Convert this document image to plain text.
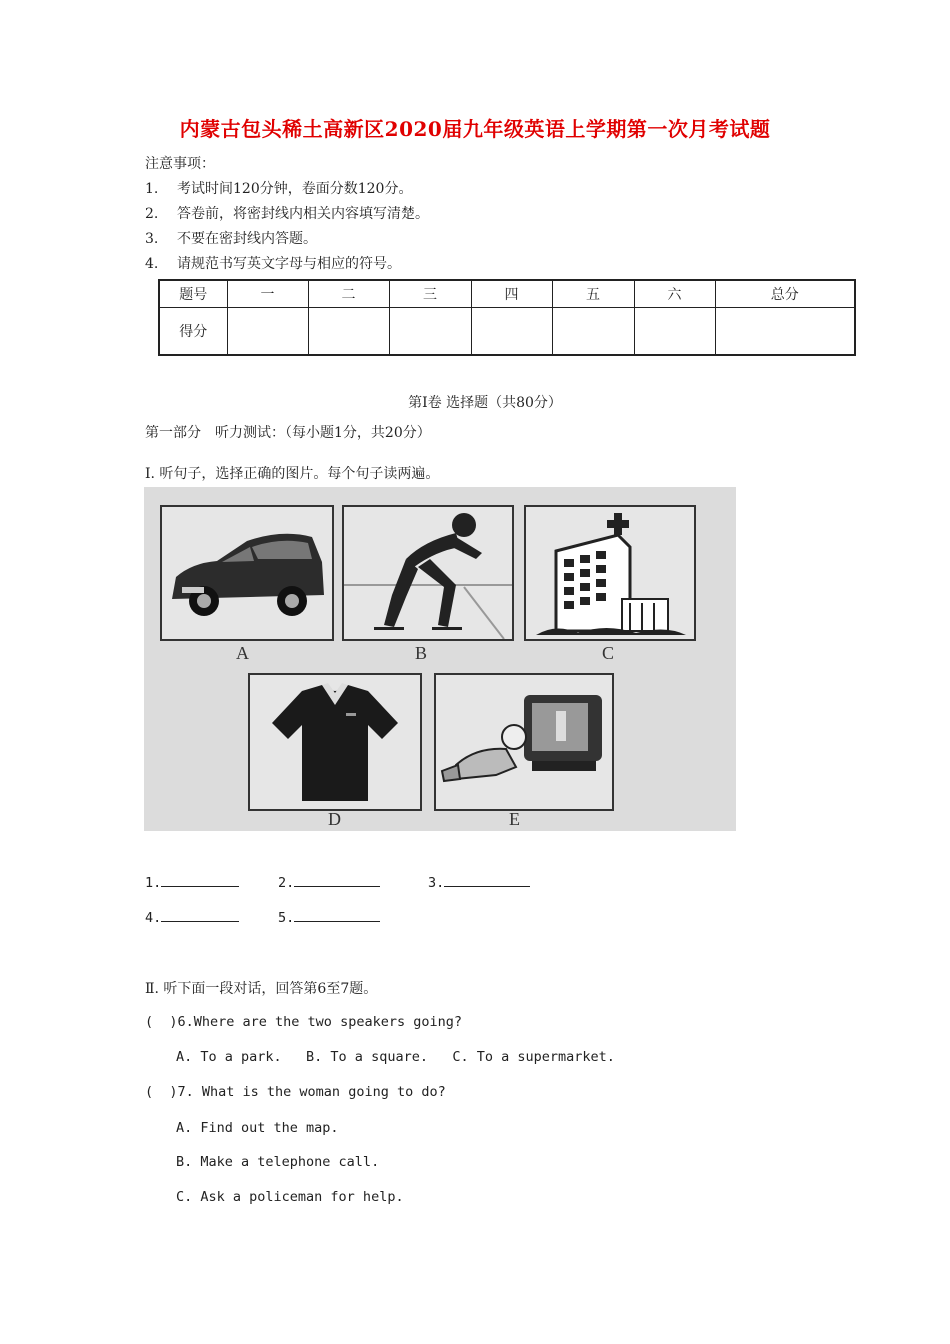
内蒙古包头稀土高新区2020届九年级英语上学期第一次月考试题
注意事项：
1. 考试时间120分钟，卷面分数120分。
2. 答卷前，将密封线内相关内容填写清楚。
3. 不要在密封线内答题。
4. 请规范书写英文字母与相应的符号。
题号	一	二	三	四	五	六	总分
得分							
第I卷 选择题（共80分）
第一部分　听力测试：（每小题1分，共20分）
I. 听句子，选择正确的图片。每个句子读两遍。
A	B	C
D	E
1.	2.	3.
4.	5.
Ⅱ. 听下面一段对话，回答第6至7题。
(  )6.Where are the two speakers going?
A. To a park.   B. To a square.   C. To a supermarket.
(  )7. What is the woman going to do?
A. Find out the map.
B. Make a telephone call.
C. Ask a policeman for help.
